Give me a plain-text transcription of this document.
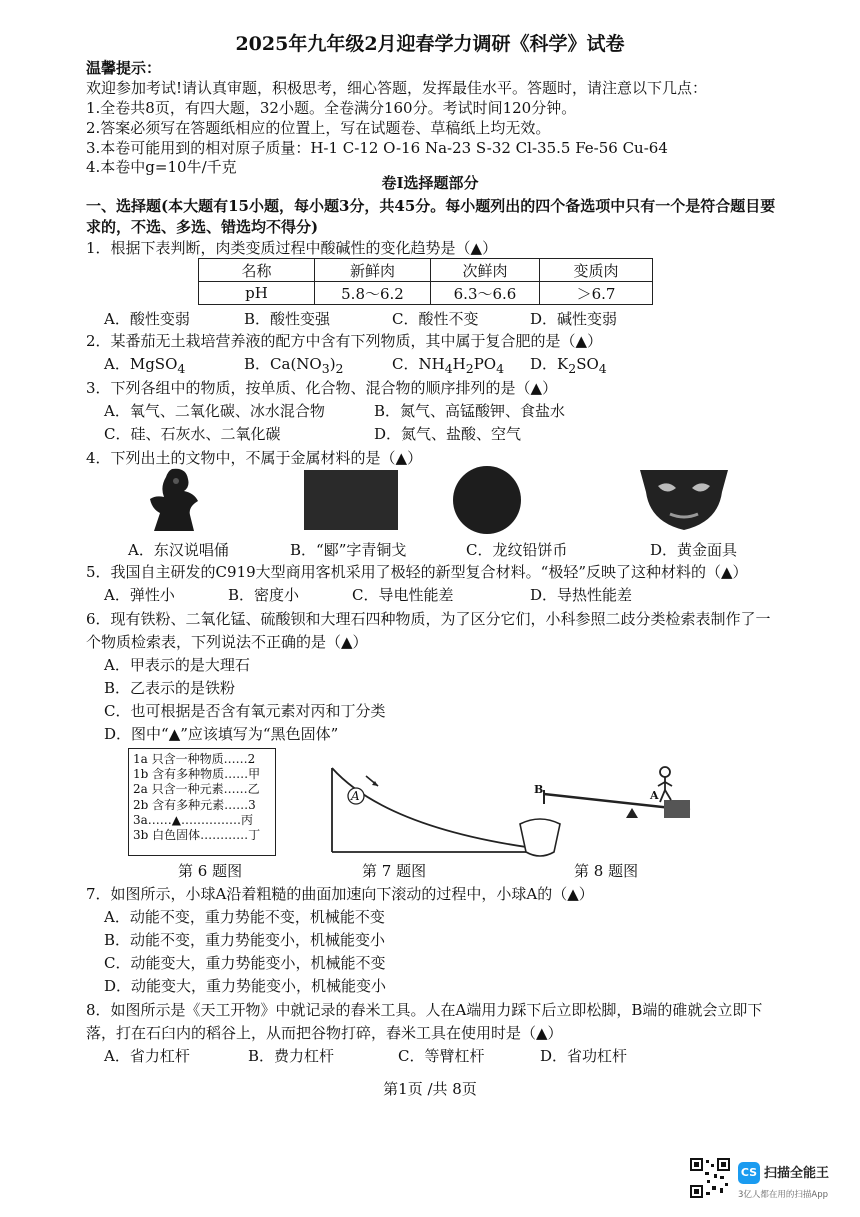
2025年九年级2月迎春学力调研《科学》试卷
温馨提示：
欢迎参加考试!请认真审题，积极思考，细心答题，发挥最佳水平。答题时，请注意以下几点：
1.全卷共8页，有四大题，32小题。全卷满分160分。考试时间120分钟。
2.答案必须写在答题纸相应的位置上，写在试题卷、草稿纸上均无效。
3.本卷可能用到的相对原子质量：H-1 C-12 O-16 Na-23 S-32 Cl-35.5 Fe-56 Cu-64
4.本卷中g=10牛/千克
卷Ⅰ选择题部分
一、选择题(本大题有15小题，每小题3分，共45分。每小题列出的四个备选项中只有一个是符合题目要
求的，不选、多选、错选均不得分)
1．根据下表判断，肉类变质过程中酸碱性的变化趋势是（▲）
名称	新鲜肉	次鲜肉	变质肉
pH	5.8～6.2	6.3～6.6	＞6.7
A．酸性变弱	B．酸性变强	C．酸性不变	D．碱性变弱
2．某番茄无土栽培营养液的配方中含有下列物质，其中属于复合肥的是（▲）
A．MgSO$_4$	B．$Ca(NO_3)_2$	C．$NH_4H_2PO_4$ D．$K_2SO_4$
3．下列各组中的物质，按单质、化合物、混合物的顺序排列的是（▲）
A．氧气、二氧化碳、冰水混合物	B．氮气、高锰酸钾、食盐水
C．硅、石灰水、二氧化碳	D．氮气、盐酸、空气
4．下列出土的文物中，不属于金属材料的是（▲）
A．东汉说唱俑	B．“郾”字青铜戈	C．龙纹铅饼币	D．黄金面具
5．我国自主研发的C919大型商用客机采用了极轻的新型复合材料。“极轻”反映了这种材料的（▲）
A．弹性小	B．密度小	C．导电性能差	D．导热性能差
6．现有铁粉、二氧化锰、硫酸钡和大理石四种物质，为了区分它们，小科参照二歧分类检索表制作了一
个物质检索表，下列说法不正确的是（▲）
A．甲表示的是大理石
B．乙表示的是铁粉
C．也可根据是否含有氧元素对丙和丁分类
D．图中“▲”应该填写为“黑色固体”
1a 只含一种物质……2
1b 含有多种物质……甲
2a 只含一种元素……乙
2b 含有多种元素……3
3a……▲……………丙
3b 白色固体…………丁
A	B	A
第 6 题图	第 7 题图	第 8 题图
7．如图所示，小球A沿着粗糙的曲面加速向下滚动的过程中，小球A的（▲）
A．动能不变，重力势能不变，机械能不变
B．动能不变，重力势能变小，机械能变小
C．动能变大，重力势能变小，机械能不变
D．动能变大，重力势能变小，机械能变小
8．如图所示是《天工开物》中就记录的舂米工具。人在A端用力踩下后立即松脚，B端的碓就会立即下
落，打在石臼内的稻谷上，从而把谷物打碎，舂米工具在使用时是（▲）
A．省力杠杆	B．费力杠杆	C．等臂杠杆	D．省功杠杆
第1页 /共 8页
CS 扫描全能王
3亿人都在用的扫描App
